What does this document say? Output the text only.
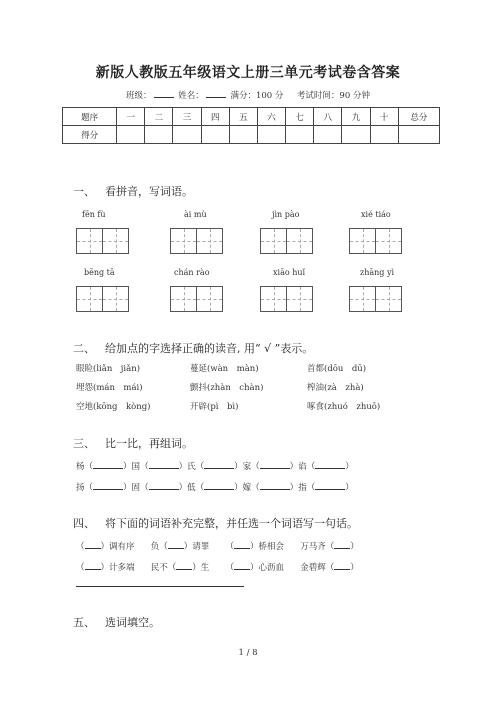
新版人教版五年级语文上册三单元考试卷含答案
班级：	姓名：	满分：100 分 考试时间：90 分钟
题序	一	二	三	四	五	六	七	八	九	十	总分
得分											
一、 看拼音，写词语。
fēn fù	ài mù	jìn pào	xié tiáo
bēng tā	chán rào	xiāo huǐ	zhāng yì
二、 给加点的字选择正确的读音, 用“ √ ”表示。
眼睑(liǎn　jiǎn)	蔓延(wàn　màn)	首都(dōu　dū)
埋怨(mán　mái)	颤抖(zhàn　chàn)	榨油(zà　zhà)
空地(kōng　kòng)	开辟(pì　bì)	啄食(zhuó　zhuō)
三、 比一比，再组词。
杨（	）国（	）氏（	）家（	）谄（	）
扬（	）固（	）低（	）嫁（	）指（	）
四、 将下面的词语补充完整，并任选一个词语写一句话。
（ ）调有序 负（ ）请罪      （ ）桥相会 万马齐（ ）
（ ）计多端 民不（ ）生      （ ）心沥血 金碧辉（ ）
五、 选词填空。
1 / 8
